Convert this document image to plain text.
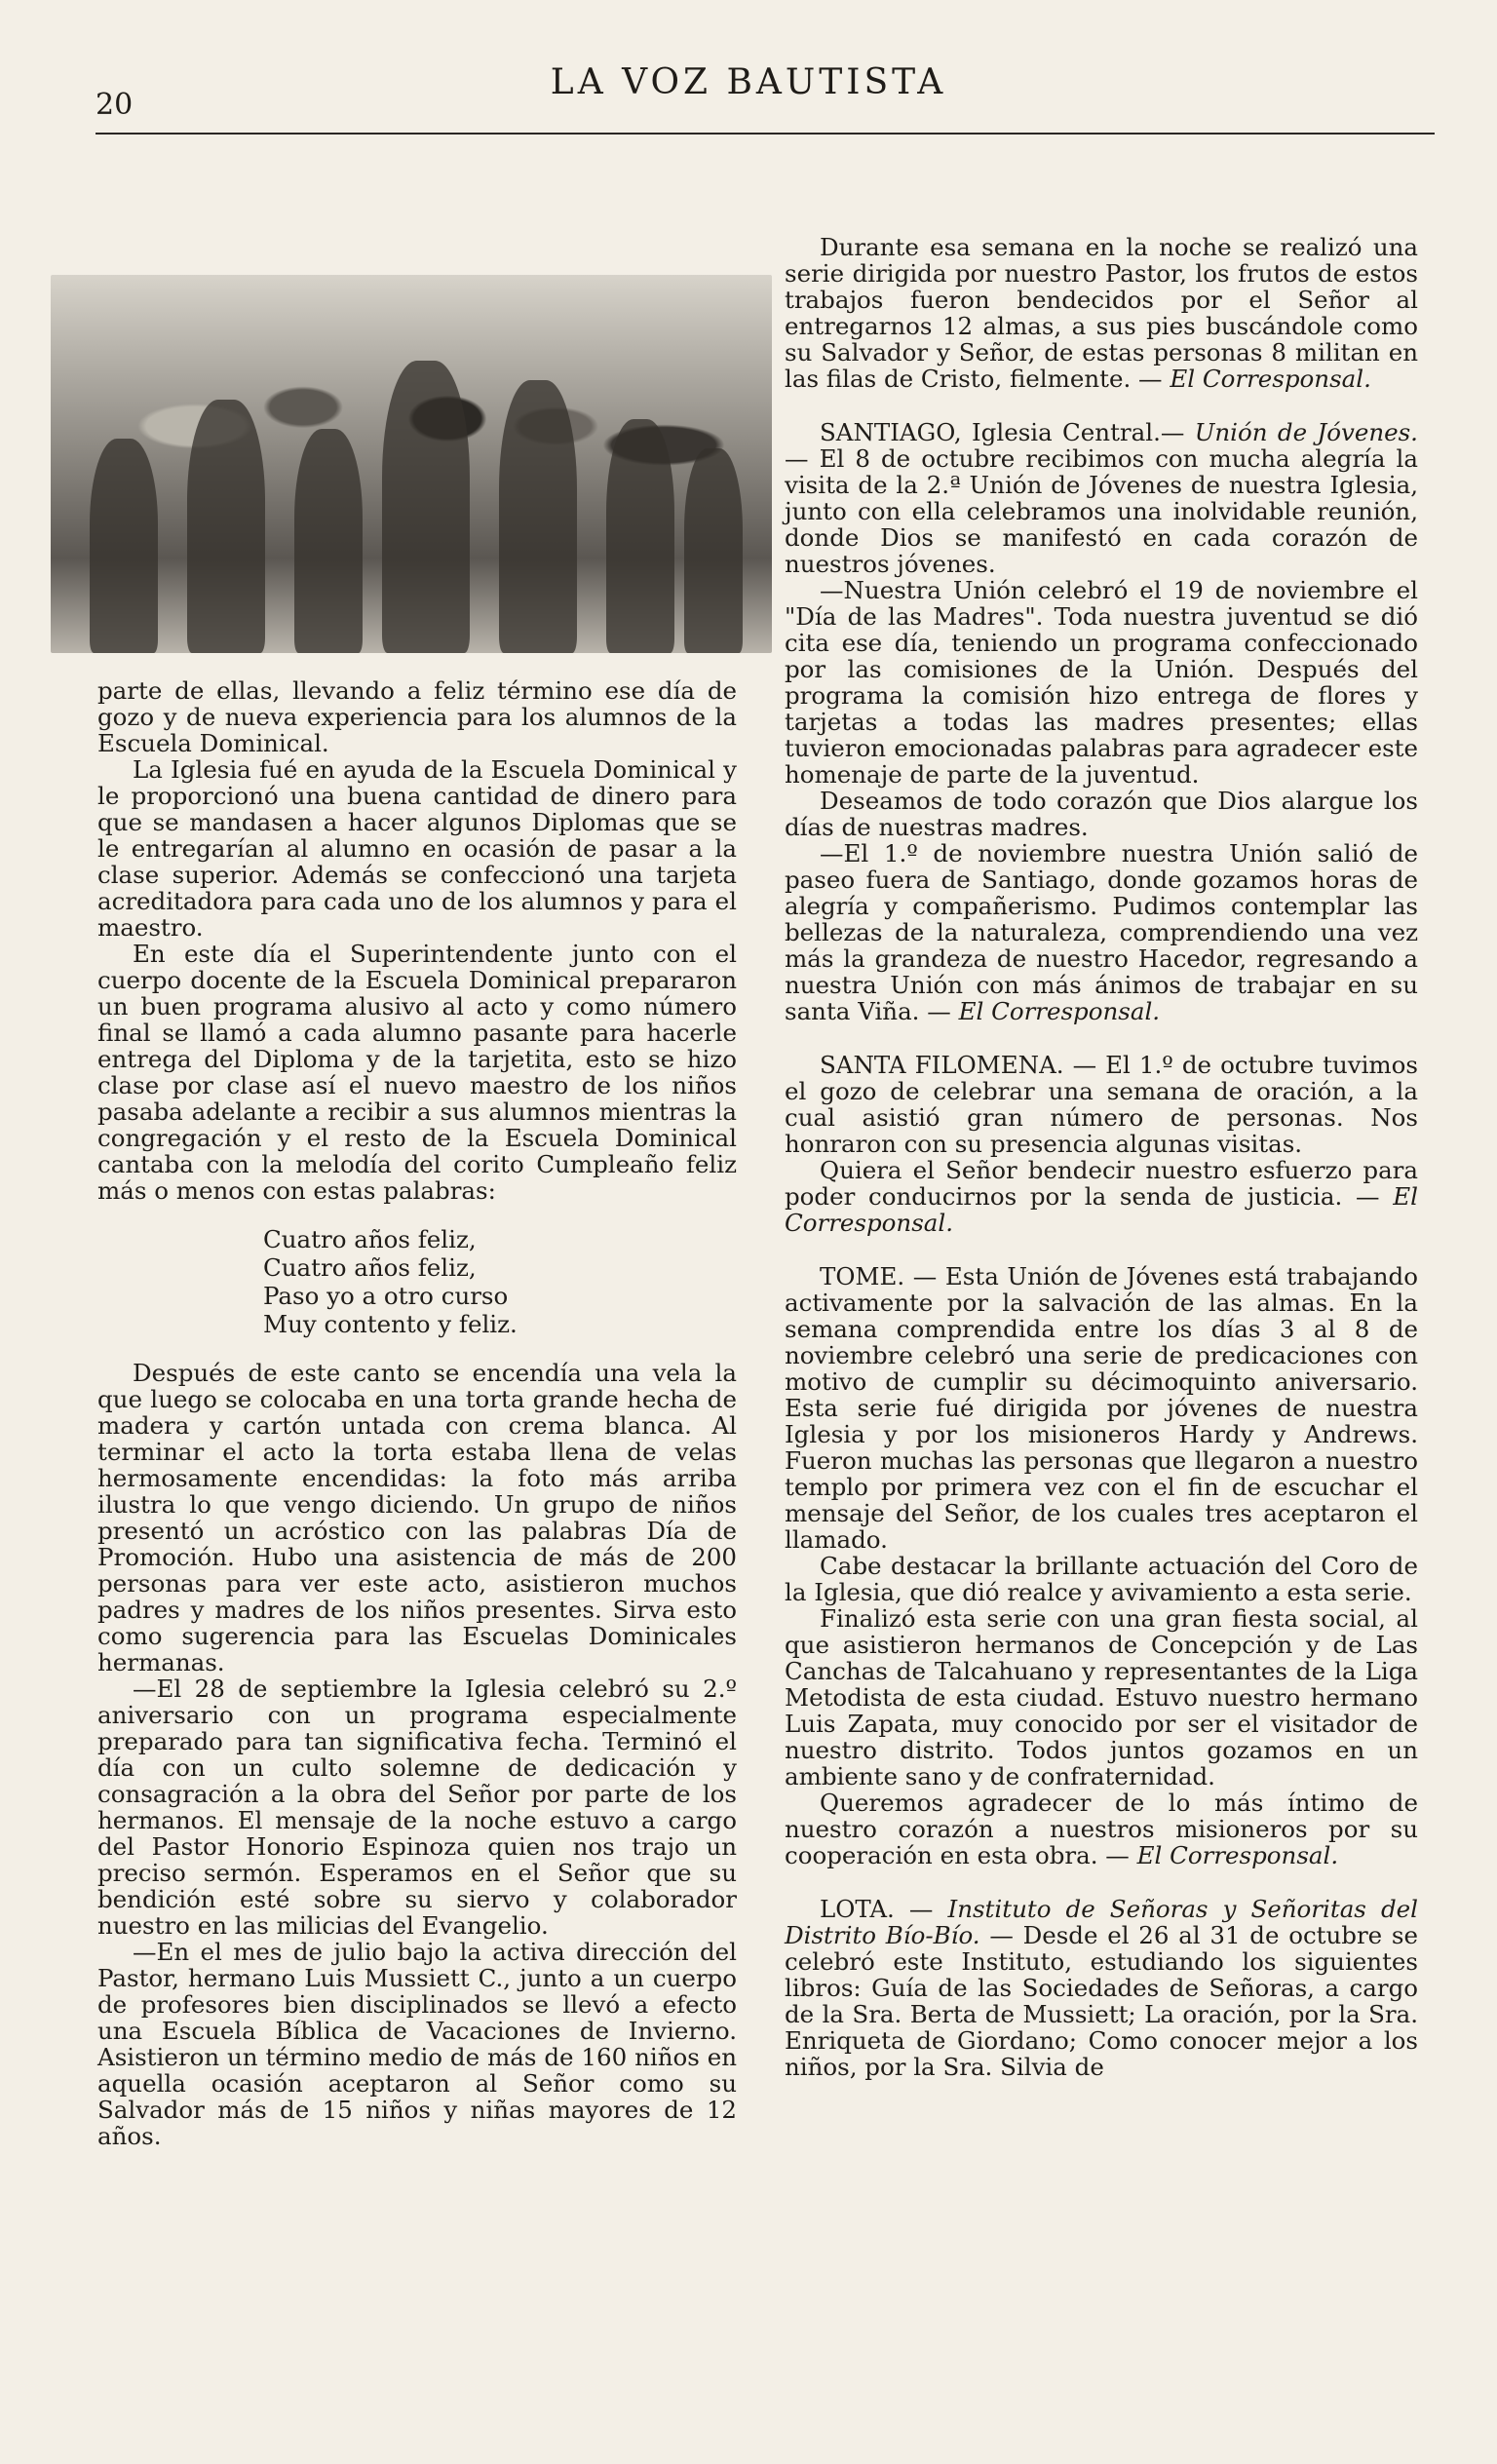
20
LA VOZ BAUTISTA

parte de ellas, llevando a feliz término ese día de gozo y de nueva experiencia para los alumnos de la Escuela Dominical.

La Iglesia fué en ayuda de la Escuela Dominical y le proporcionó una buena cantidad de dinero para que se mandasen a hacer algunos Diplomas que se le entregarían al alumno en ocasión de pasar a la clase superior. Además se confeccionó una tarjeta acreditadora para cada uno de los alumnos y para el maestro.

En este día el Superintendente junto con el cuerpo docente de la Escuela Dominical prepararon un buen programa alusivo al acto y como número final se llamó a cada alumno pasante para hacerle entrega del Diploma y de la tarjetita, esto se hizo clase por clase así el nuevo maestro de los niños pasaba adelante a recibir a sus alumnos mientras la congregación y el resto de la Escuela Dominical cantaba con la melodía del corito Cumpleaño feliz más o menos con estas palabras:

Cuatro años feliz,
Cuatro años feliz,
Paso yo a otro curso
Muy contento y feliz.

Después de este canto se encendía una vela la que luego se colocaba en una torta grande hecha de madera y cartón untada con crema blanca. Al terminar el acto la torta estaba llena de velas hermosamente encendidas: la foto más arriba ilustra lo que vengo diciendo. Un grupo de niños presentó un acróstico con las palabras Día de Promoción. Hubo una asistencia de más de 200 personas para ver este acto, asistieron muchos padres y madres de los niños presentes. Sirva esto como sugerencia para las Escuelas Dominicales hermanas.

—El 28 de septiembre la Iglesia celebró su 2.º aniversario con un programa especialmente preparado para tan significativa fecha. Terminó el día con un culto solemne de dedicación y consagración a la obra del Señor por parte de los hermanos. El mensaje de la noche estuvo a cargo del Pastor Honorio Espinoza quien nos trajo un preciso sermón. Esperamos en el Señor que su bendición esté sobre su siervo y colaborador nuestro en las milicias del Evangelio.

—En el mes de julio bajo la activa dirección del Pastor, hermano Luis Mussiett C., junto a un cuerpo de profesores bien disciplinados se llevó a efecto una Escuela Bíblica de Vacaciones de Invierno. Asistieron un término medio de más de 160 niños en aquella ocasión aceptaron al Señor como su Salvador más de 15 niños y niñas mayores de 12 años.

Durante esa semana en la noche se realizó una serie dirigida por nuestro Pastor, los frutos de estos trabajos fueron bendecidos por el Señor al entregarnos 12 almas, a sus pies buscándole como su Salvador y Señor, de estas personas 8 militan en las filas de Cristo, fielmente. — El Corresponsal.

SANTIAGO, Iglesia Central.— Unión de Jóvenes. — El 8 de octubre recibimos con mucha alegría la visita de la 2.ª Unión de Jóvenes de nuestra Iglesia, junto con ella celebramos una inolvidable reunión, donde Dios se manifestó en cada corazón de nuestros jóvenes.

—Nuestra Unión celebró el 19 de noviembre el "Día de las Madres". Toda nuestra juventud se dió cita ese día, teniendo un programa confeccionado por las comisiones de la Unión. Después del programa la comisión hizo entrega de flores y tarjetas a todas las madres presentes; ellas tuvieron emocionadas palabras para agradecer este homenaje de parte de la juventud.

Deseamos de todo corazón que Dios alargue los días de nuestras madres.

—El 1.º de noviembre nuestra Unión salió de paseo fuera de Santiago, donde gozamos horas de alegría y compañerismo. Pudimos contemplar las bellezas de la naturaleza, comprendiendo una vez más la grandeza de nuestro Hacedor, regresando a nuestra Unión con más ánimos de trabajar en su santa Viña. — El Corresponsal.

SANTA FILOMENA. — El 1.º de octubre tuvimos el gozo de celebrar una semana de oración, a la cual asistió gran número de personas. Nos honraron con su presencia algunas visitas.

Quiera el Señor bendecir nuestro esfuerzo para poder conducirnos por la senda de justicia. — El Corresponsal.

TOME. — Esta Unión de Jóvenes está trabajando activamente por la salvación de las almas. En la semana comprendida entre los días 3 al 8 de noviembre celebró una serie de predicaciones con motivo de cumplir su décimoquinto aniversario. Esta serie fué dirigida por jóvenes de nuestra Iglesia y por los misioneros Hardy y Andrews. Fueron muchas las personas que llegaron a nuestro templo por primera vez con el fin de escuchar el mensaje del Señor, de los cuales tres aceptaron el llamado.

Cabe destacar la brillante actuación del Coro de la Iglesia, que dió realce y avivamiento a esta serie.

Finalizó esta serie con una gran fiesta social, al que asistieron hermanos de Concepción y de Las Canchas de Talcahuano y representantes de la Liga Metodista de esta ciudad. Estuvo nuestro hermano Luis Zapata, muy conocido por ser el visitador de nuestro distrito. Todos juntos gozamos en un ambiente sano y de confraternidad.

Queremos agradecer de lo más íntimo de nuestro corazón a nuestros misioneros por su cooperación en esta obra. — El Corresponsal.

LOTA. — Instituto de Señoras y Señoritas del Distrito Bío-Bío. — Desde el 26 al 31 de octubre se celebró este Instituto, estudiando los siguientes libros: Guía de las Sociedades de Señoras, a cargo de la Sra. Berta de Mussiett; La oración, por la Sra. Enriqueta de Giordano; Como conocer mejor a los niños, por la Sra. Silvia de
